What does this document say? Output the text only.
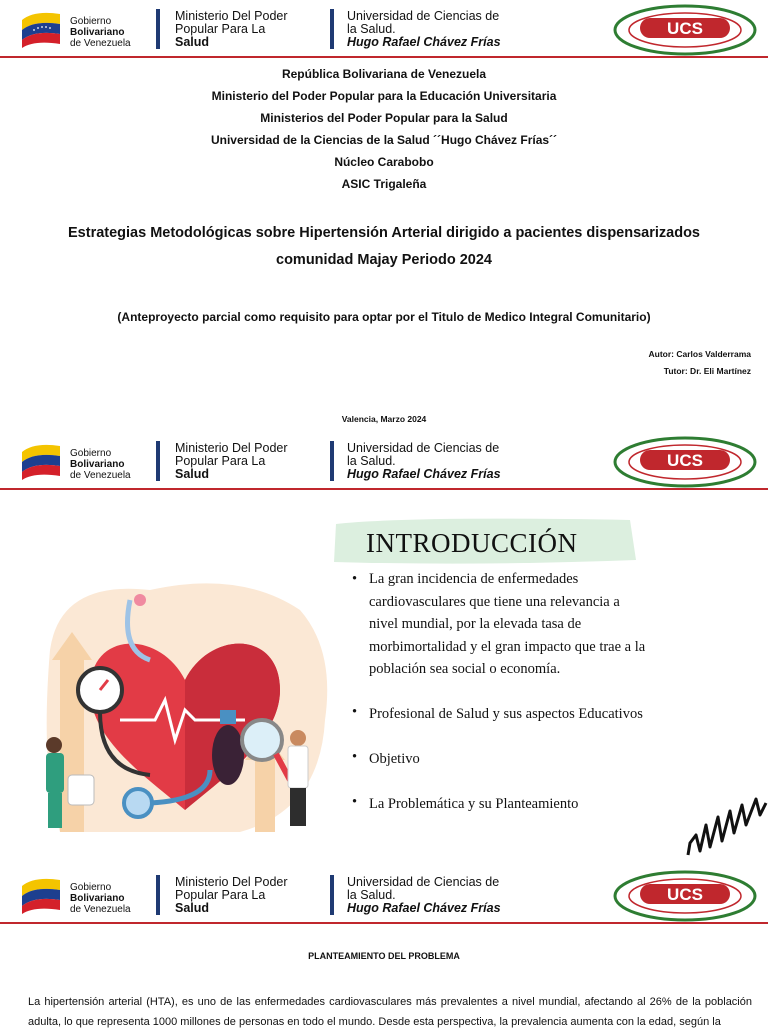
Gobierno
Bolivariano
de Venezuela
Ministerio Del Poder
Popular Para La
Salud
Universidad de Ciencias de
la Salud.
Hugo Rafael Chávez Frías
UCS
Gobierno
Bolivariano
de Venezuela
Ministerio Del Poder
Popular Para La
Salud
Universidad de Ciencias de
la Salud.
Hugo Rafael Chávez Frías
UCS
Gobierno
Bolivariano
de Venezuela
Ministerio Del Poder
Popular Para La
Salud
Universidad de Ciencias de
la Salud.
Hugo Rafael Chávez Frías
UCS
República Bolivariana de Venezuela
Ministerio del Poder Popular para la Educación Universitaria
Ministerios del Poder Popular para la Salud
Universidad de la Ciencias de la Salud ´´Hugo Chávez Frías´´
Núcleo Carabobo
ASIC Trigaleña
Estrategias Metodológicas sobre Hipertensión Arterial dirigido a pacientes dispensarizados
comunidad Majay Periodo 2024
(Anteproyecto parcial como requisito para optar por el Titulo de Medico Integral Comunitario)
Autor: Carlos Valderrama
Tutor: Dr. Eli Martínez
Valencia, Marzo 2024
INTRODUCCIÓN
• La gran incidencia de enfermedades
cardiovasculares que tiene una relevancia a
nivel mundial, por la elevada tasa de
morbimortalidad y el gran impacto que trae a la
población sea social o economía.
• Profesional de Salud y sus aspectos Educativos
• Objetivo
• La Problemática y su Planteamiento
PLANTEAMIENTO DEL PROBLEMA
La hipertensión arterial (HTA), es uno de las enfermedades cardiovasculares más prevalentes a nivel mundial, afectando al 26% de la población adulta, lo que representa 1000 millones de personas en todo el mundo. Desde esta perspectiva, la prevalencia aumenta con la edad, según la
